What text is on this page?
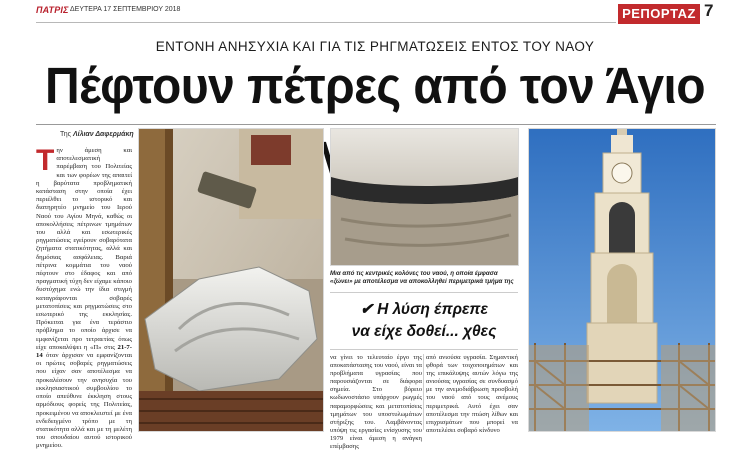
ΠΑΤΡΙΣ ΔΕΥΤΕΡΑ 17 ΣΕΠΤΕΜΒΡΙΟΥ 2018	ΡΕΠΟΡΤΑΖ 7
ΕΝΤΟΝΗ ΑΝΗΣΥΧΙΑ ΚΑΙ ΓΙΑ ΤΙΣ ΡΗΓΜΑΤΩΣΕΙΣ ΕΝΤΟΣ ΤΟΥ ΝΑΟΥ
Πέφτουν πέτρες από τον Άγιο
Της Λίλιαν Δαφερμάκη
Την άμεση και αποτελεσματική παρέμβαση του Πολιτείας και των φορέων της απαιτεί η βαρύτατα προβληματική κατάσταση στην οποία έχει περιέλθει το ιστορικό και διατηρητέο μνημείο του Ιερού Ναού του Αγίου Μηνά, καθώς οι αποκολλήσεις πέτρινων τμημάτων του αλλά και εσωτερικές ρηγματώσεις εγείρουν σοβαρότατα ζητήματα στατικότητας, αλλά και δημόσιας ασφάλειας. Βαριά πέτρινα κομμάτια του ναού πέφτουν στο έδαφος και από πραγματική τύχη δεν είχαμε κάποιο δυστύχημα ενώ την ίδια στιγμή καταγράφονται σοβαρές μετατοπίσεις και ρηγματώσεις στο εσωτερικό της εκκλησίας. Πρόκειται για ένα τεράστιο πρόβλημα το οποίο άρχισε να εμφανίζεται προ τετραετίας όπως είχε αποκαλύψει η «Π» στις 21-7-14 όταν άρχισαν να εμφανίζονται οι πρώτες σοβαρές ρηγματώσεις που είχαν σαν αποτέλεσμα να προκαλέσουν την ανησυχία του εκκλησιαστικού συμβουλίου το οποίο απεύθυνε έκκληση στους αρμόδιους φορείς της Πολιτείας, προκειμένου να αποκλειστεί με ένα ενδεδειγμένο τρόπο με τη στατικότητα αλλά και με τη μελέτη του σπουδαίου αυτού ιστορικού μνημείου.
Μια από τις κεντρικές κολόνες του ναού, η οποία έμφασα «ζώνει» με αποτέλεσμα να αποκολληθεί περιμετρικά τμήμα της
✔ Η λύση έπρεπε
να είχε δοθεί... χθες
να γίνει το τελευταίο έργο της αποκατάστασης του ναού, είναι τα προβλήματα υγρασίας που παρουσιάζονται σε διάφορα σημεία. Στο βόρειο κωδωνοστάσιο υπάρχουν ρωγμές παραμορφώσεις και μετατοπίσεις τμημάτων του υποστυλωμάτων στήριξης του. Λαμβάνοντας υπόψη τις εργασίες ενίσχυσης του 1979 είναι άμεση η ανάγκη επέμβασης
από ανιούσα υγρασία. Σημαντική φθορά των τοιχοποιημάτων και της επικάλυψης αυτών λόγω της ανιούσας υγρασίας σε συνδυασμό με την ανεμοδιάβρωση προσβολή του ναού από τους ανέμους περιμετρικά. Αυτό έχει σαν αποτέλεσμα την πτώση λίθων και επιχρισμάτων που μπορεί να αποτελέσει σοβαρό κίνδυνο
